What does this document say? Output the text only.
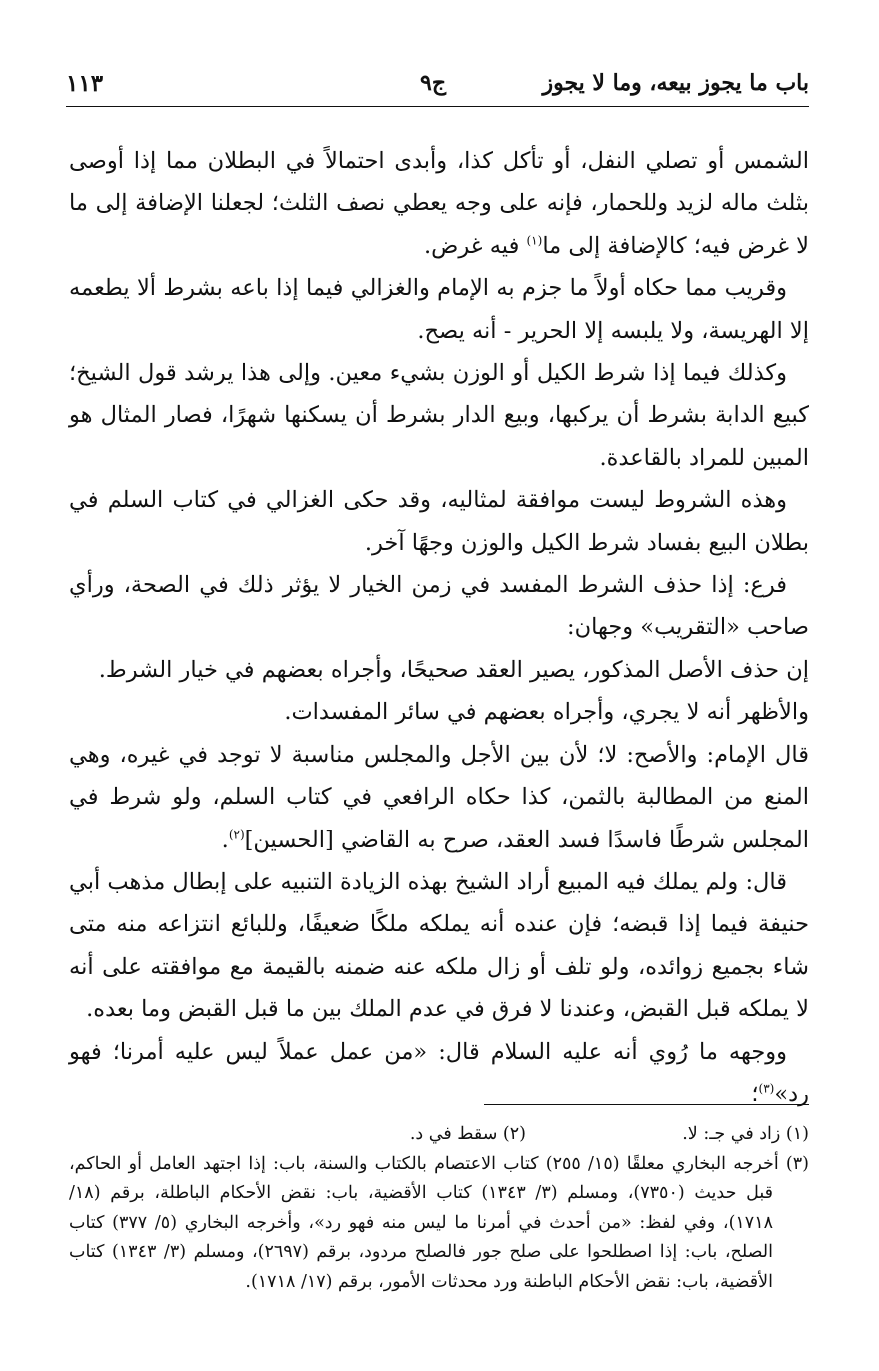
باب ما يجوز بيعه، وما لا يجوز
ج٩
١١٣

الشمس أو تصلي النفل، أو تأكل كذا، وأبدى احتمالاً في البطلان مما إذا أوصى بثلث ماله لزيد وللحمار، فإنه على وجه يعطي نصف الثلث؛ لجعلنا الإضافة إلى ما لا غرض فيه؛ كالإضافة إلى ما$^{(١)}$ فيه غرض.

وقريب مما حكاه أولاً ما جزم به الإمام والغزالي فيما إذا باعه بشرط ألا يطعمه إلا الهريسة، ولا يلبسه إلا الحرير - أنه يصح.

وكذلك فيما إذا شرط الكيل أو الوزن بشيء معين. وإلى هذا يرشد قول الشيخ؛ كبيع الدابة بشرط أن يركبها، وبيع الدار بشرط أن يسكنها شهرًا، فصار المثال هو المبين للمراد بالقاعدة.

وهذه الشروط ليست موافقة لمثاليه، وقد حكى الغزالي في كتاب السلم في بطلان البيع بفساد شرط الكيل والوزن وجهًا آخر.

فرع: إذا حذف الشرط المفسد في زمن الخيار لا يؤثر ذلك في الصحة، ورأي صاحب «التقريب» وجهان:

إن حذف الأصل المذكور، يصير العقد صحيحًا، وأجراه بعضهم في خيار الشرط.

والأظهر أنه لا يجري، وأجراه بعضهم في سائر المفسدات.

قال الإمام: والأصح: لا؛ لأن بين الأجل والمجلس مناسبة لا توجد في غيره، وهي المنع من المطالبة بالثمن، كذا حكاه الرافعي في كتاب السلم، ولو شرط في المجلس شرطًا فاسدًا فسد العقد، صرح به القاضي [الحسين]$^{(٢)}$.

قال: ولم يملك فيه المبيع أراد الشيخ بهذه الزيادة التنبيه على إبطال مذهب أبي حنيفة فيما إذا قبضه؛ فإن عنده أنه يملكه ملكًا ضعيفًا، وللبائع انتزاعه منه متى شاء بجميع زوائده، ولو تلف أو زال ملكه عنه ضمنه بالقيمة مع موافقته على أنه لا يملكه قبل القبض، وعندنا لا فرق في عدم الملك بين ما قبل القبض وما بعده.

ووجهه ما رُوي أنه عليه السلام قال: «من عمل عملاً ليس عليه أمرنا؛ فهو رد»$^{(٣)}$؛

(١) زاد في جـ: لا.
(٢) سقط في د.

(٣) أخرجه البخاري معلقًا (١٥/ ٢٥٥) كتاب الاعتصام بالكتاب والسنة، باب: إذا اجتهد العامل أو الحاكم، قبل حديث (٧٣٥٠)، ومسلم (٣/ ١٣٤٣) كتاب الأقضية، باب: نقض الأحكام الباطلة، برقم (١٨/ ١٧١٨)، وفي لفظ: «من أحدث في أمرنا ما ليس منه فهو رد»، وأخرجه البخاري (٥/ ٣٧٧) كتاب الصلح، باب: إذا اصطلحوا على صلح جور فالصلح مردود، برقم (٢٦٩٧)، ومسلم (٣/ ١٣٤٣) كتاب الأقضية، باب: نقض الأحكام الباطنة ورد محدثات الأمور، برقم (١٧/ ١٧١٨).
